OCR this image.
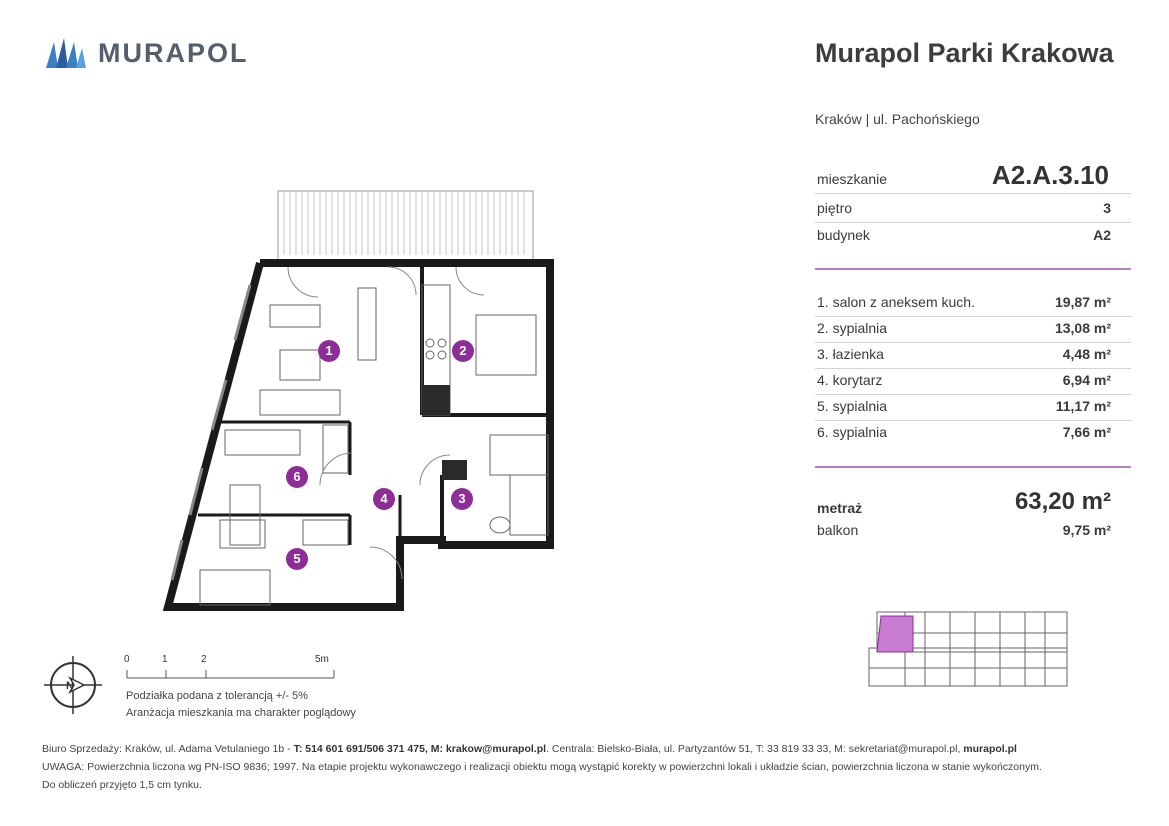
MURAPOL	Murapol Parki Krakowa
Kraków | ul. Pachońskiego
mieszkanie	A2.A.3.10
piętro	3
budynek	A2
1. salon z aneksem kuch.	19,87 m²
2. sypialnia	13,08 m²
3. łazienka	4,48 m²
4. korytarz	6,94 m²
5. sypialnia	11,17 m²
6. sypialnia	7,66 m²
metraż	63,20 m²
balkon	9,75 m²
1	2
3
4
5
6
N
0	1	2	5m
Podziałka podana z tolerancją +/- 5%
Aranżacja mieszkania ma charakter poglądowy
Biuro Sprzedaży: Kraków, ul. Adama Vetulaniego 1b - T: 514 601 691/506 371 475, M: krakow@murapol.pl. Centrala: Bielsko-Biała, ul. Partyzantów 51, T: 33 819 33 33, M: sekretariat@murapol.pl, murapol.pl
UWAGA: Powierzchnia liczona wg PN-ISO 9836; 1997. Na etapie projektu wykonawczego i realizacji obiektu mogą wystąpić korekty w powierzchni lokali i układzie ścian, powierzchnia liczona w stanie wykończonym.
Do obliczeń przyjęto 1,5 cm tynku.
